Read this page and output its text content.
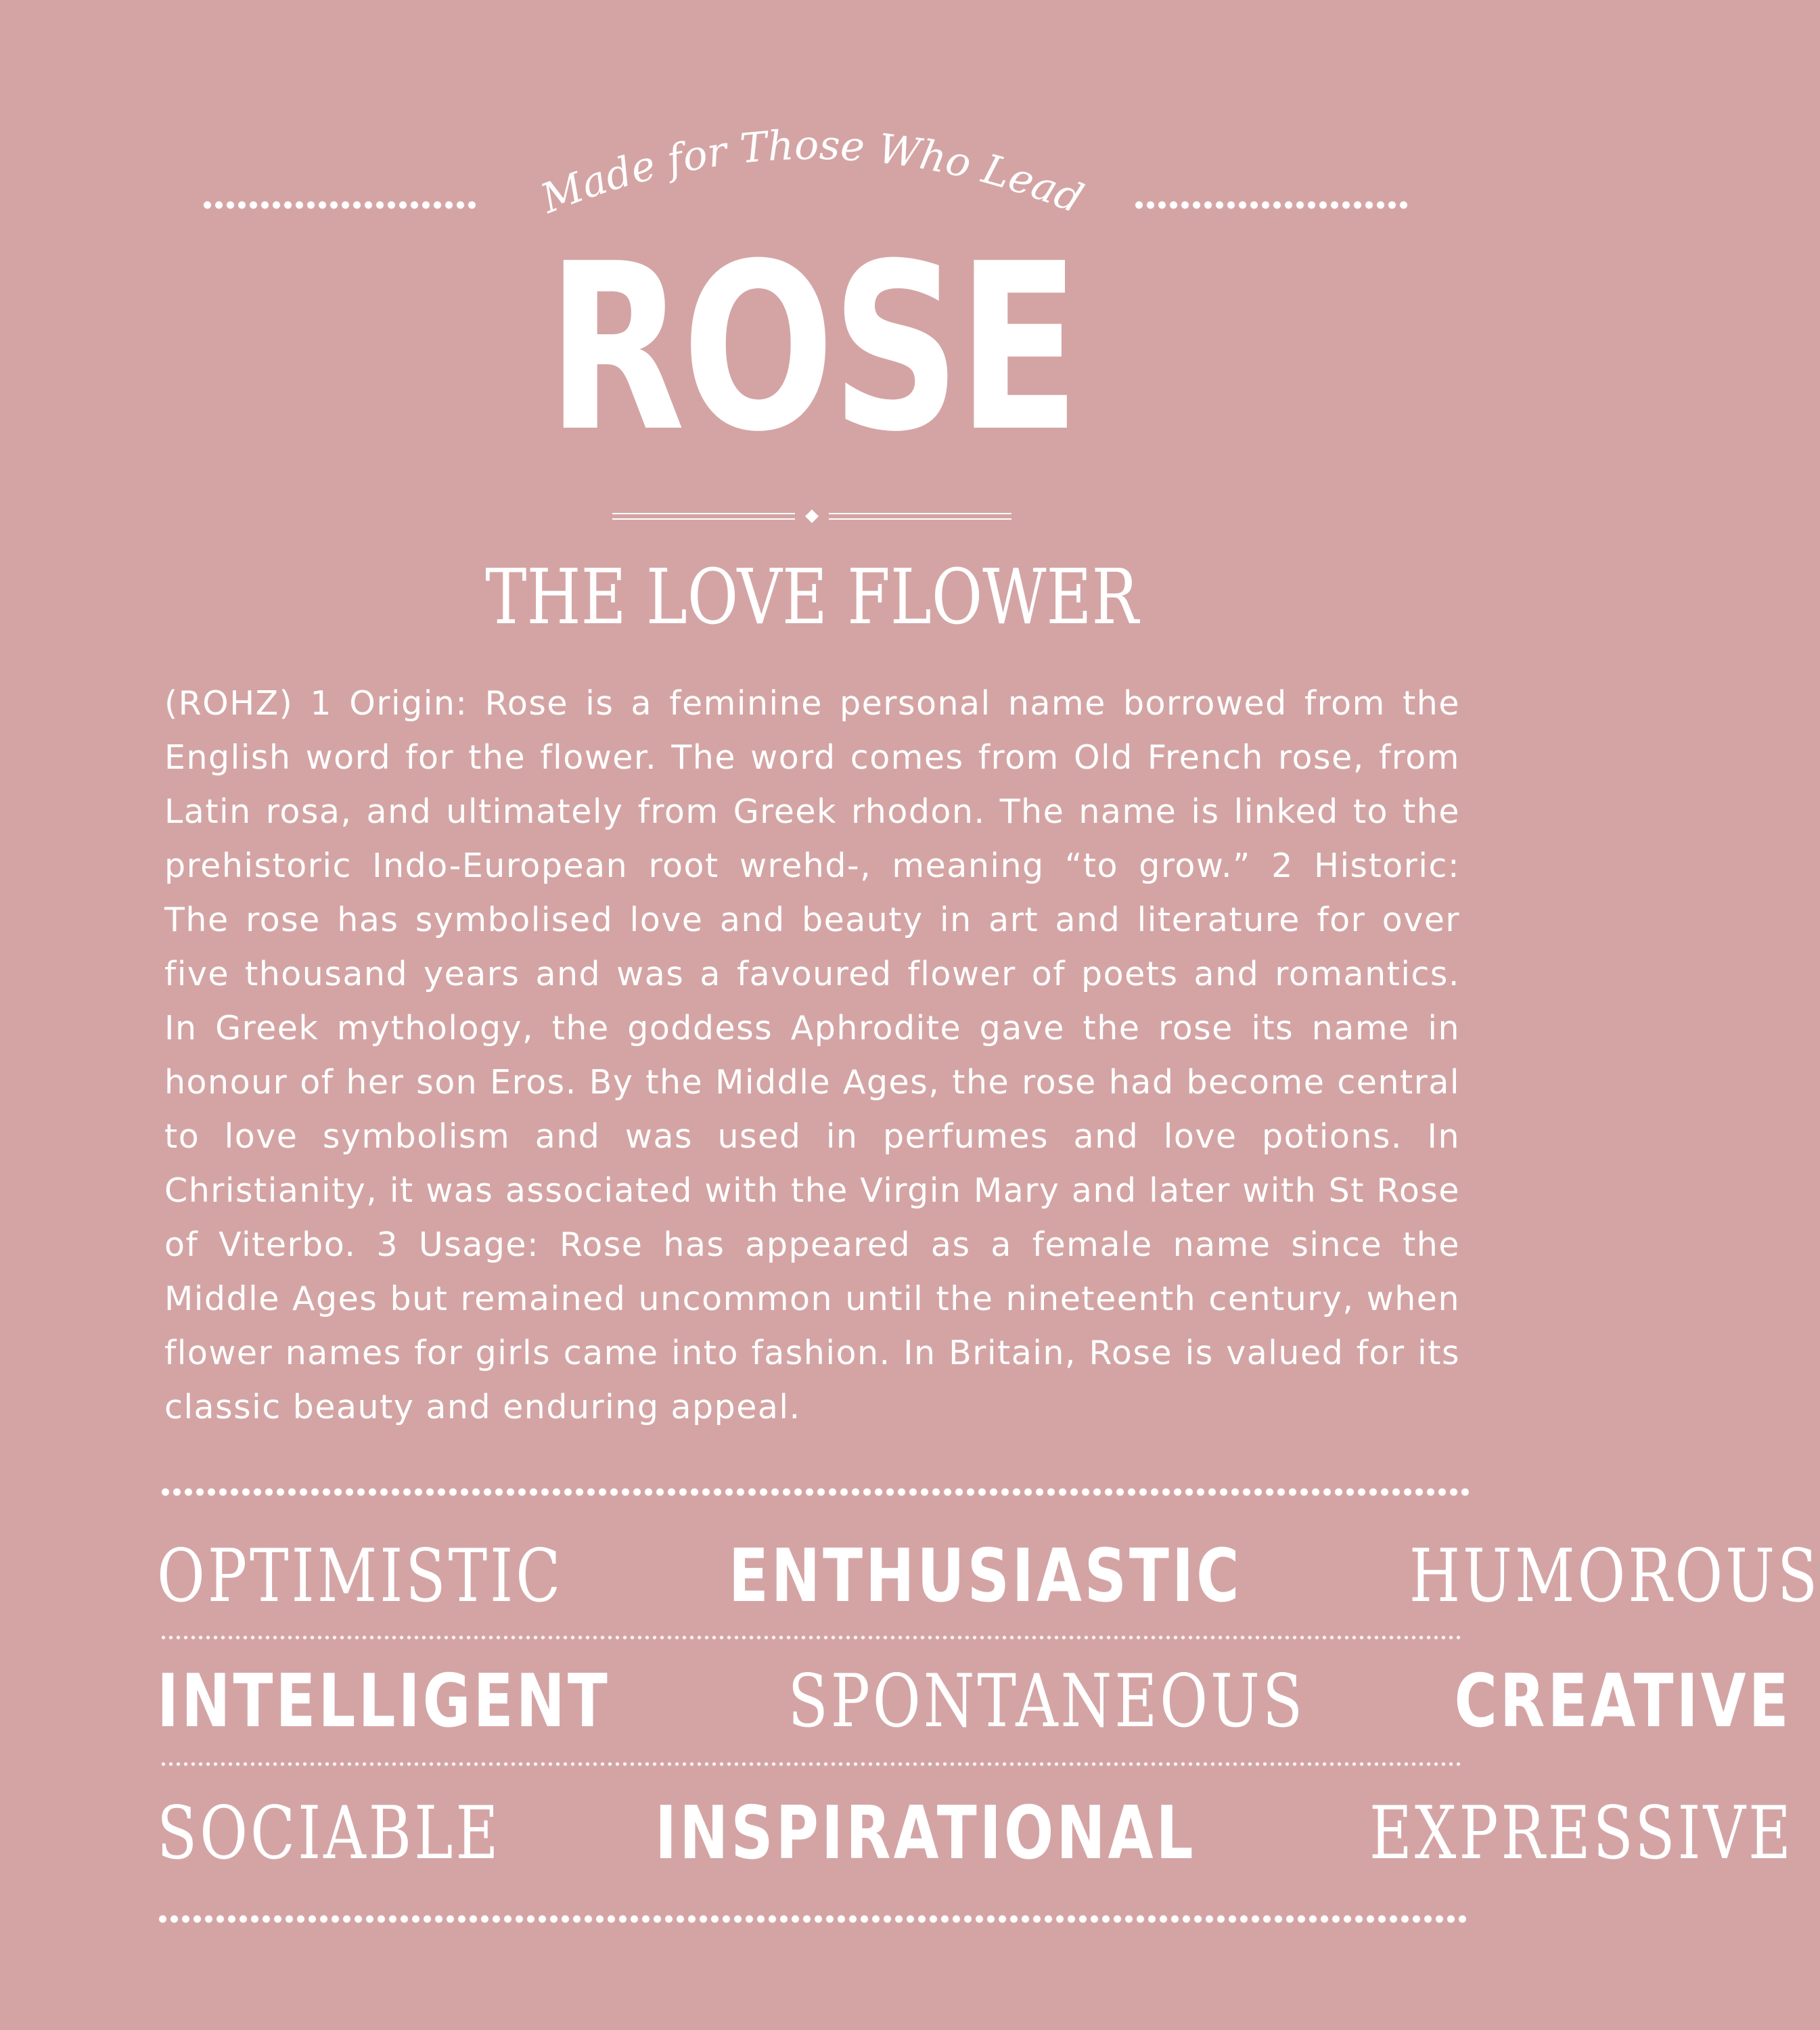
Made for Those Who Lead
ROSE
THE LOVE FLOWER
(ROHZ) 1 Origin: Rose is a feminine personal name borrowed from the English word for the flower. The word comes from Old French rose, from Latin rosa, and ultimately from Greek rhodon. The name is linked to the prehistoric Indo-European root wrehd-, meaning “to grow.” 2 Historic: The rose has symbolised love and beauty in art and literature for over five thousand years and was a favoured flower of poets and romantics. In Greek mythology, the goddess Aphrodite gave the rose its name in honour of her son Eros. By the Middle Ages, the rose had become central to love symbolism and was used in perfumes and love potions. In Christianity, it was associated with the Virgin Mary and later with St Rose of Viterbo. 3 Usage: Rose has appeared as a female name since the Middle Ages but remained uncommon until the nineteenth century, when flower names for girls came into fashion. In Britain, Rose is valued for its classic beauty and enduring appeal.
OPTIMISTIC ENTHUSIASTIC HUMOROUS
INTELLIGENT SPONTANEOUS CREATIVE
SOCIABLE INSPIRATIONAL EXPRESSIVE
